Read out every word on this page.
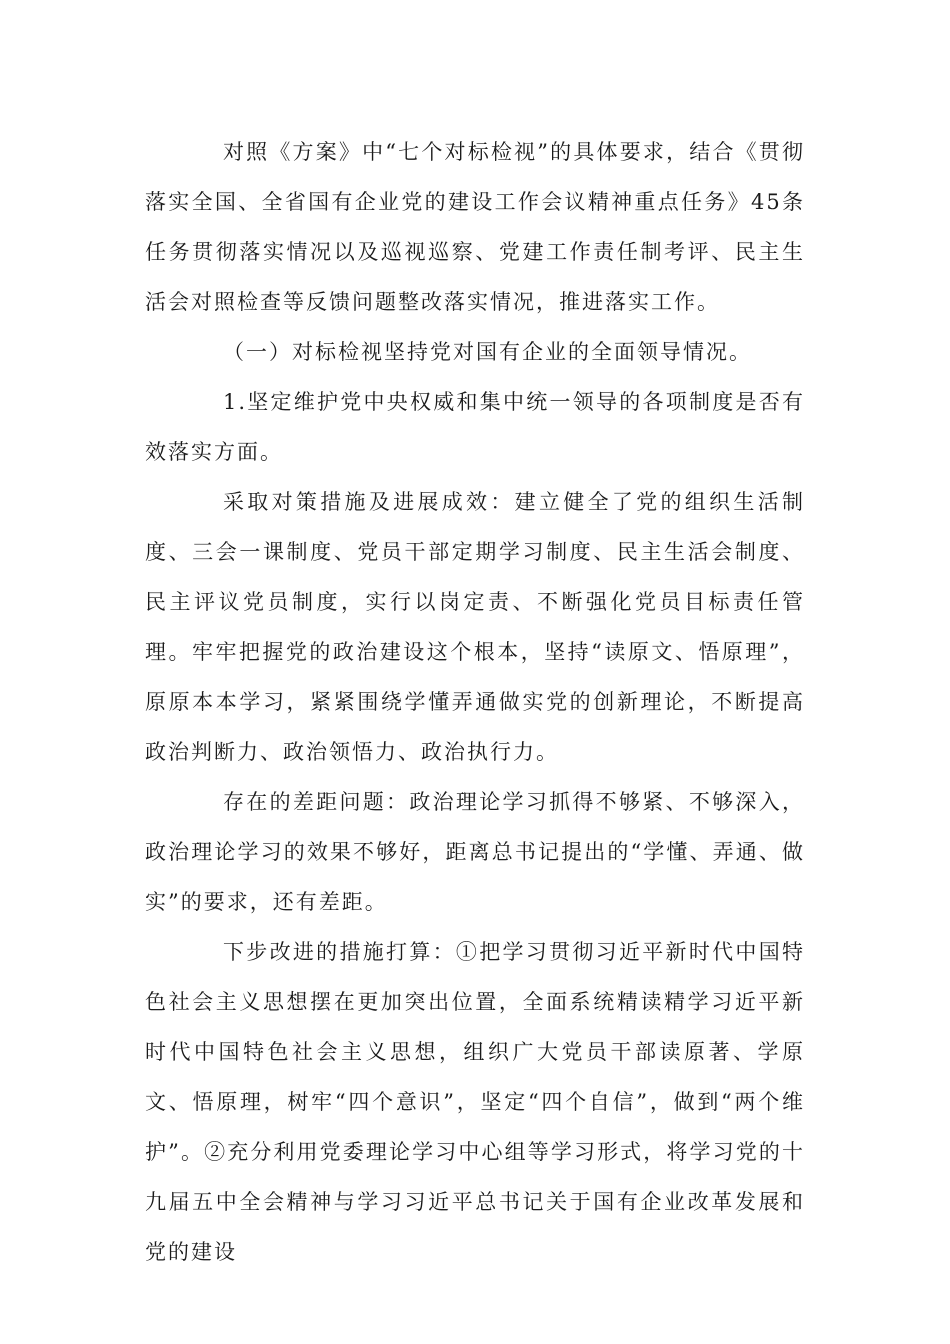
对照《方案》中“七个对标检视”的具体要求，结合《贯彻落实全国、全省国有企业党的建设工作会议精神重点任务》45条任务贯彻落实情况以及巡视巡察、党建工作责任制考评、民主生活会对照检查等反馈问题整改落实情况，推进落实工作。

（一）对标检视坚持党对国有企业的全面领导情况。

1.坚定维护党中央权威和集中统一领导的各项制度是否有效落实方面。

采取对策措施及进展成效：建立健全了党的组织生活制度、三会一课制度、党员干部定期学习制度、民主生活会制度、民主评议党员制度，实行以岗定责、不断强化党员目标责任管理。牢牢把握党的政治建设这个根本，坚持“读原文、悟原理”，原原本本学习，紧紧围绕学懂弄通做实党的创新理论，不断提高政治判断力、政治领悟力、政治执行力。

存在的差距问题：政治理论学习抓得不够紧、不够深入，政治理论学习的效果不够好，距离总书记提出的“学懂、弄通、做实”的要求，还有差距。

下步改进的措施打算：①把学习贯彻习近平新时代中国特色社会主义思想摆在更加突出位置，全面系统精读精学习近平新时代中国特色社会主义思想，组织广大党员干部读原著、学原文、悟原理，树牢“四个意识”，坚定“四个自信”，做到“两个维护”。②充分利用党委理论学习中心组等学习形式，将学习党的十九届五中全会精神与学习习近平总书记关于国有企业改革发展和党的建设
